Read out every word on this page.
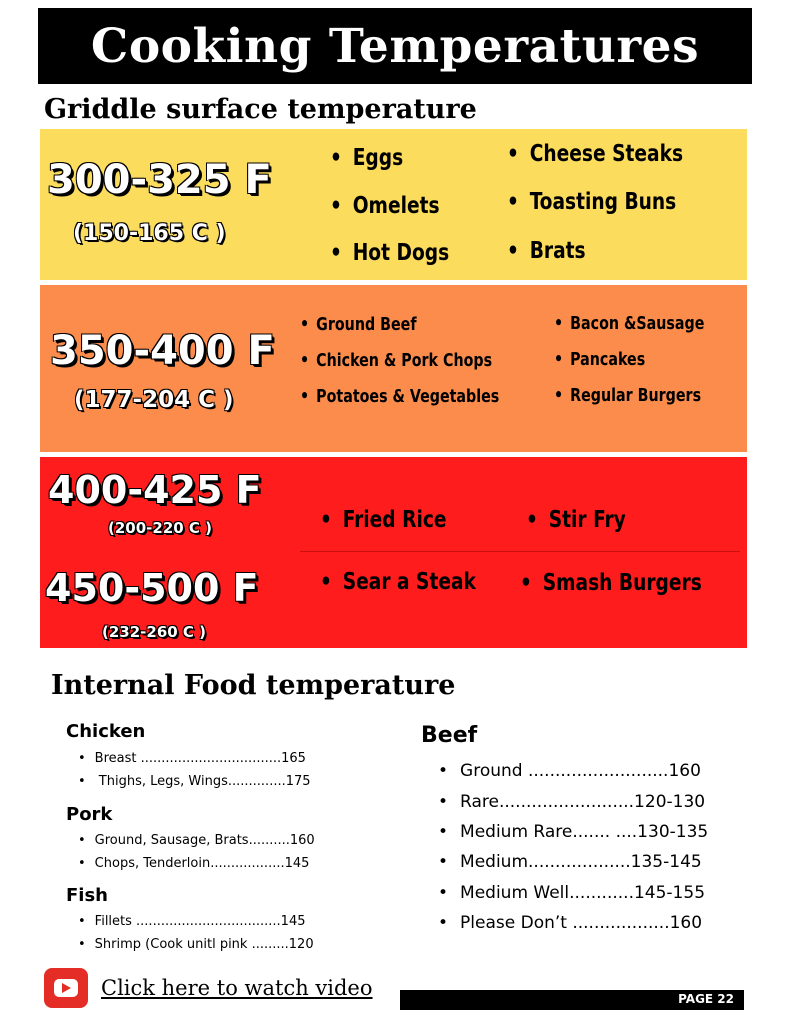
Cooking Temperatures
Griddle surface temperature
300-325 F
(150-165 C )
• Eggs
• Omelets
• Hot Dogs
• Cheese Steaks
• Toasting Buns
• Brats
350-400 F
(177-204 C )
• Ground Beef
• Chicken & Pork Chops
• Potatoes & Vegetables
• Bacon &Sausage
• Pancakes
• Regular Burgers
400-425 F
(200-220 C )	• Fried Rice	• Stir Fry
450-500 F
(232-260 C )
• Sear a Steak	• Smash Burgers
Internal Food temperature
Chicken
• Breast ..................................165
• Thighs, Legs, Wings..............175
Pork
• Ground, Sausage, Brats..........160
• Chops, Tenderloin..................145
Fish
• Fillets ...................................145
• Shrimp (Cook unitl pink .........120
Beef
• Ground ..........................160
• Rare.........................120-130
• Medium Rare....... ....130-135
• Medium...................135-145
• Medium Well............145-155
• Please Don’t ..................160
Click here to watch video	PAGE 22
